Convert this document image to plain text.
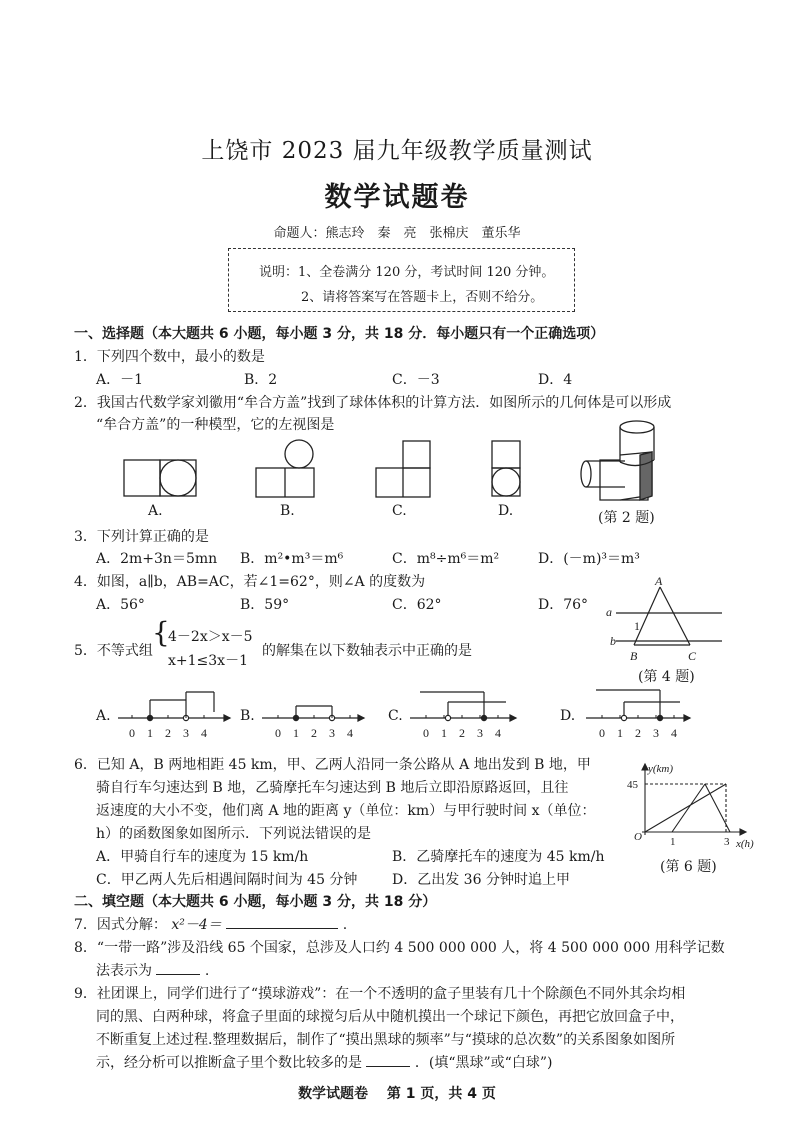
上饶市 2023 届九年级教学质量测试
数学试题卷
命题人：熊志玲　秦　亮　张棉庆　董乐华
说明：1、全卷满分 120 分，考试时间 120 分钟。
2、请将答案写在答题卡上，否则不给分。
一、选择题（本大题共 6 小题，每小题 3 分，共 18 分．每小题只有一个正确选项）
1．下列四个数中，最小的数是
A．－1	B．2	C．－3	D．4
2．我国古代数学家刘徽用“牟合方盖”找到了球体体积的计算方法．如图所示的几何体是可以形成
“牟合方盖”的一种模型，它的左视图是
A.	B.	C.	D.	(第 2 题)
3．下列计算正确的是
A．2m+3n＝5mn B．m²•m³＝m⁶	C．m⁸÷m⁶＝m²	D．(－m)³＝m³
4．如图，a∥b，AB=AC，若∠1=62°，则∠A 的度数为
A．56°	B．59°	C．62°	D．76°
A
a
b
1
B	C
(第 4 题)
5．不等式组
{
4－2x＞x－5
x+1≤3x－1
的解集在以下数轴表示中正确的是
A.	B.	C.	D.
0 1 2 3 4	0 1 2 3 4	0 1 2 3 4	0 1 2 3 4
6．已知 A，B 两地相距 45 km，甲、乙两人沿同一条公路从 A 地出发到 B 地，甲
骑自行车匀速达到 B 地，乙骑摩托车匀速达到 B 地后立即沿原路返回，且往
返速度的大小不变，他们离 A 地的距离 y（单位：km）与甲行驶时间 x（单位：
h）的函数图象如图所示．下列说法错误的是
A．甲骑自行车的速度为 15 km/h	B．乙骑摩托车的速度为 45 km/h
C．甲乙两人先后相遇间隔时间为 45 分钟 D．乙出发 36 分钟时追上甲
y(km)
45
O	1	3 x(h)
(第 6 题)
二、填空题（本大题共 6 小题，每小题 3 分，共 18 分）
7．因式分解： x²－4＝	.
8．“一带一路”涉及沿线 65 个国家，总涉及人口约 4 500 000 000 人，将 4 500 000 000 用科学记数
法表示为	.
9．社团课上，同学们进行了“摸球游戏”：在一个不透明的盒子里装有几十个除颜色不同外其余均相
同的黑、白两种球，将盒子里面的球搅匀后从中随机摸出一个球记下颜色，再把它放回盒子中，
不断重复上述过程.整理数据后，制作了“摸出黑球的频率”与“摸球的总次数”的关系图象如图所
示，经分析可以推断盒子里个数比较多的是	．(填“黑球”或“白球”)
数学试题卷　 第 1 页，共 4 页
